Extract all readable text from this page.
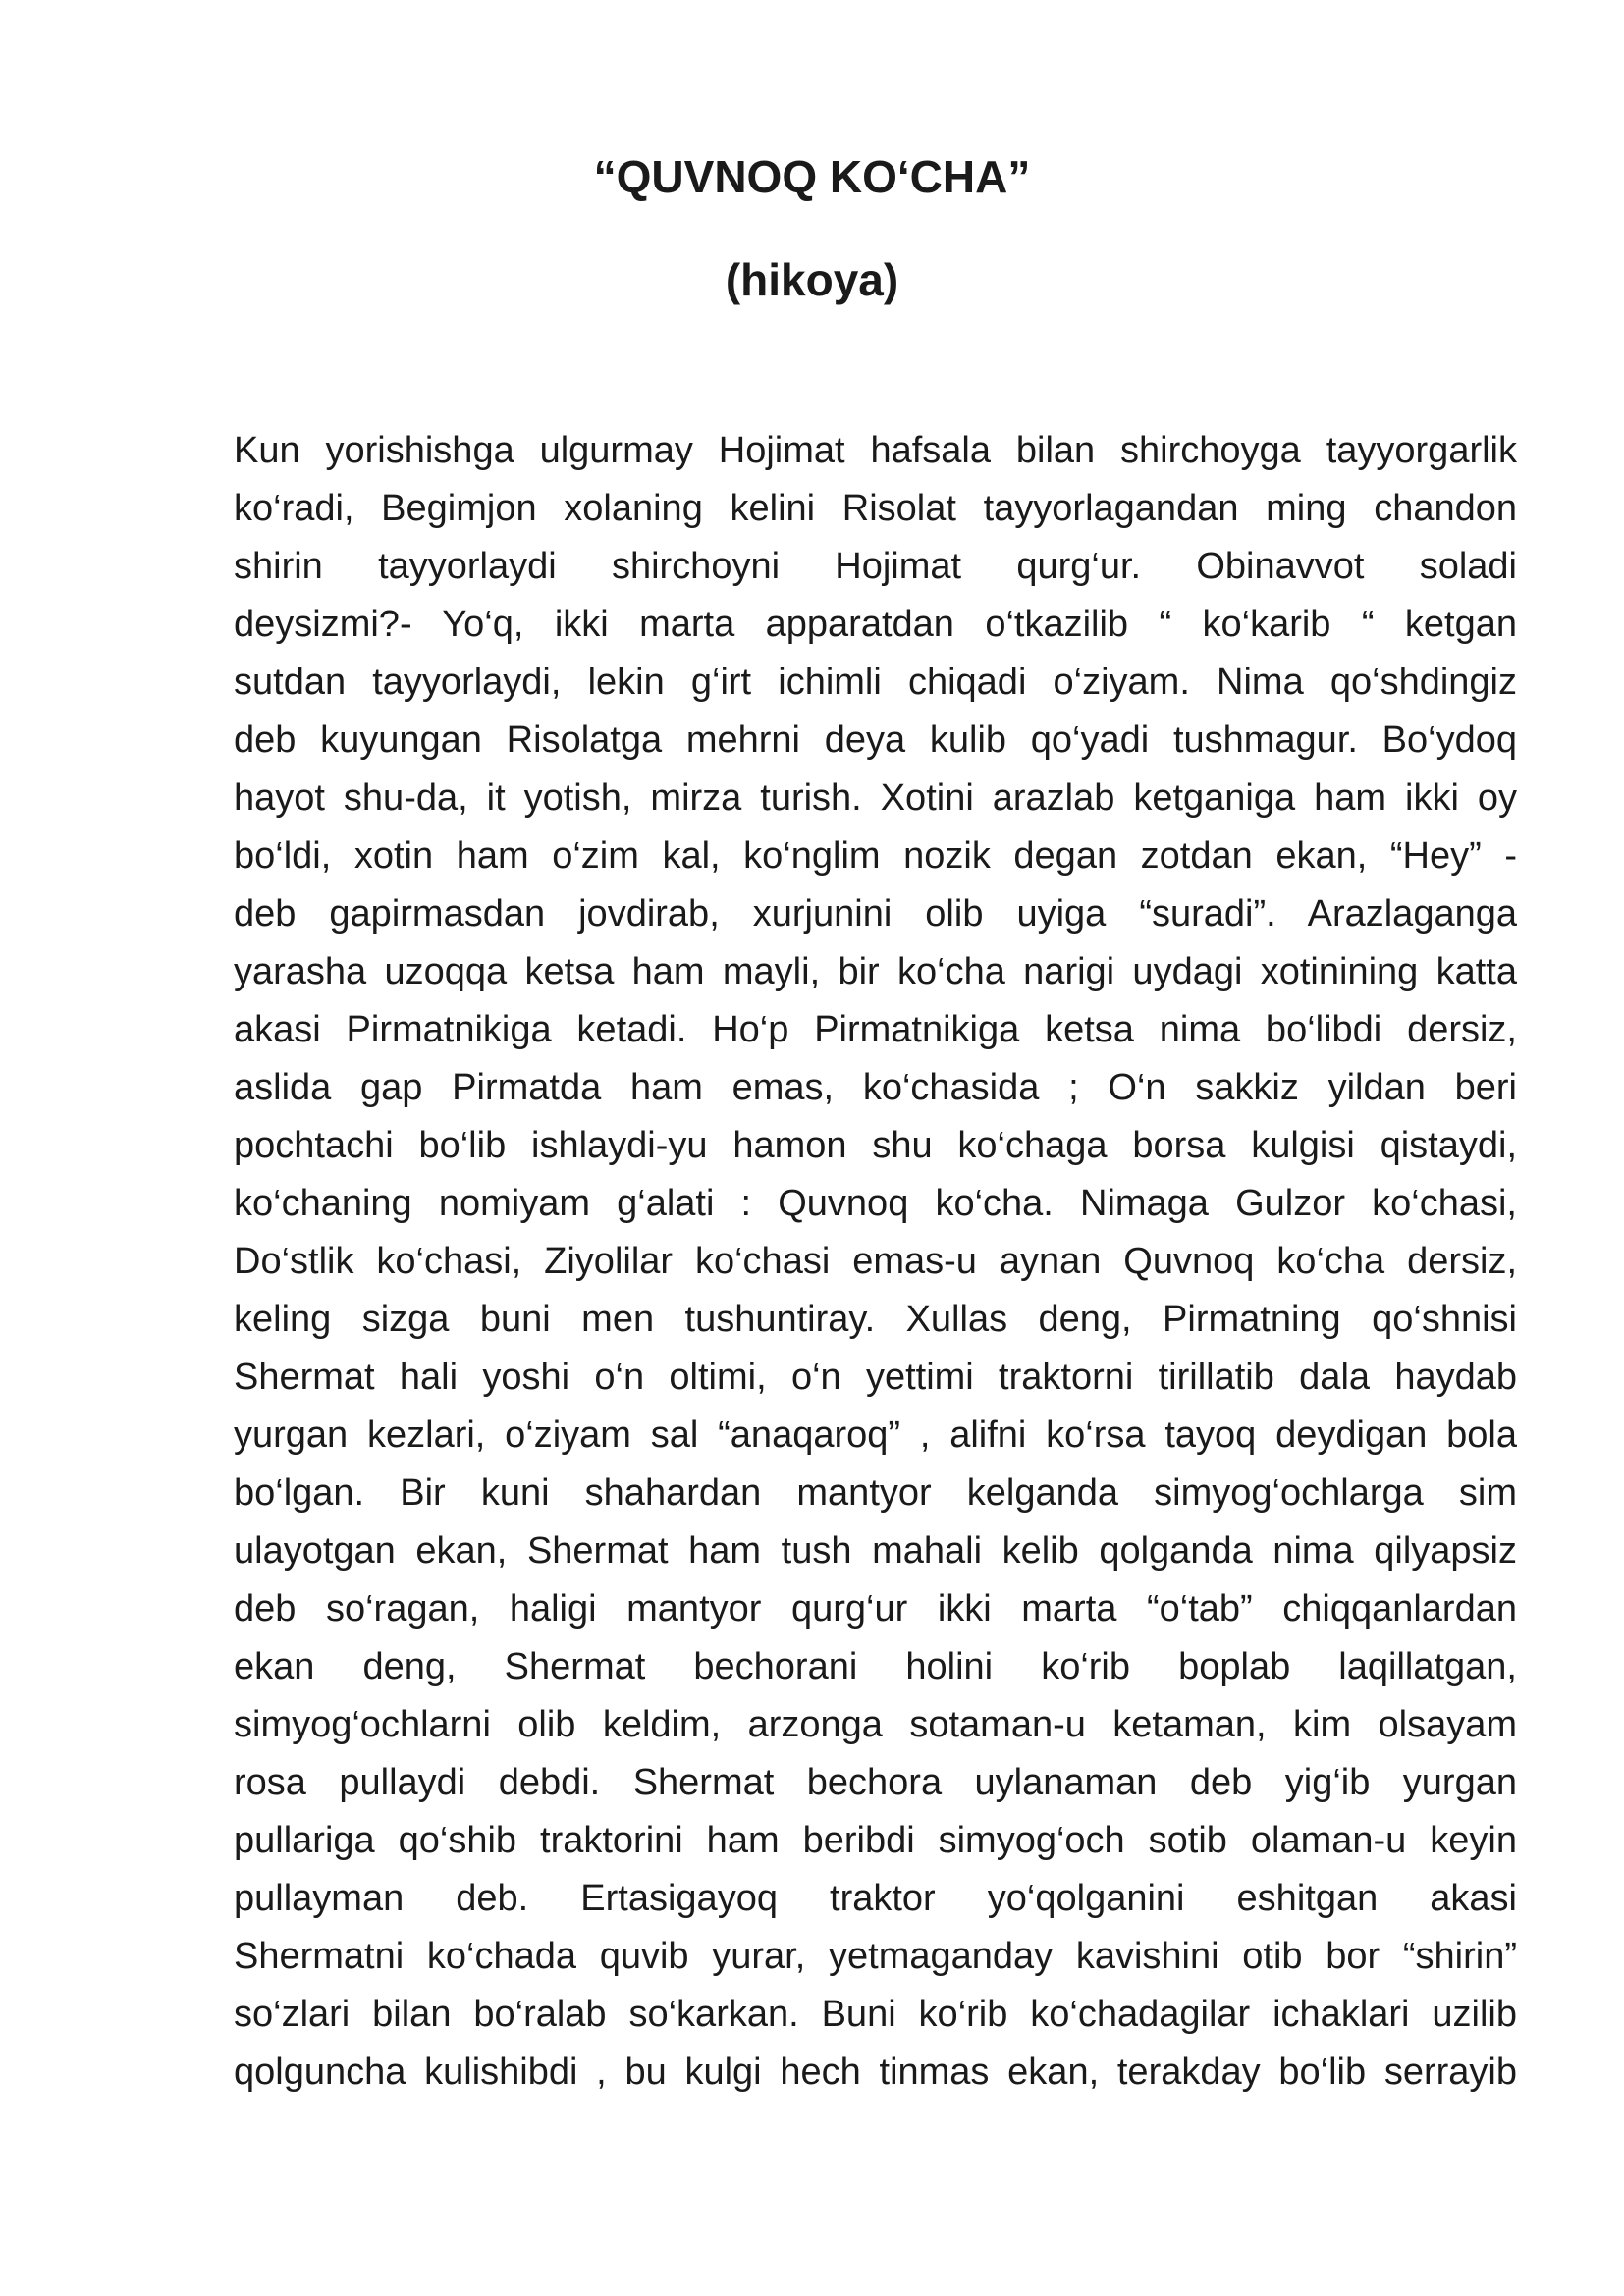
“QUVNOQ KO‘CHA”
(hikoya)
Kun yorishishga ulgurmay Hojimat hafsala bilan shirchoyga tayyorgarlik
ko‘radi, Begimjon xolaning kelini Risolat tayyorlagandan ming chandon
shirin tayyorlaydi shirchoyni Hojimat qurg‘ur. Obinavvot soladi
deysizmi?- Yo‘q, ikki marta apparatdan o‘tkazilib “ ko‘karib “ ketgan
sutdan tayyorlaydi, lekin g‘irt ichimli chiqadi o‘ziyam. Nima qo‘shdingiz
deb kuyungan Risolatga mehrni deya kulib qo‘yadi tushmagur. Bo‘ydoq
hayot shu-da, it yotish, mirza turish. Xotini arazlab ketganiga ham ikki oy
bo‘ldi, xotin ham o‘zim kal, ko‘nglim nozik degan zotdan ekan, “Hey” -
deb gapirmasdan jovdirab, xurjunini olib uyiga “suradi”. Arazlaganga
yarasha uzoqqa ketsa ham mayli, bir ko‘cha narigi uydagi xotinining katta
akasi Pirmatnikiga ketadi. Ho‘p Pirmatnikiga ketsa nima bo‘libdi dersiz,
aslida gap Pirmatda ham emas, ko‘chasida ; O‘n sakkiz yildan beri
pochtachi bo‘lib ishlaydi-yu hamon shu ko‘chaga borsa kulgisi qistaydi,
ko‘chaning nomiyam g‘alati : Quvnoq ko‘cha. Nimaga Gulzor ko‘chasi,
Do‘stlik ko‘chasi, Ziyolilar ko‘chasi emas-u aynan Quvnoq ko‘cha dersiz,
keling sizga buni men tushuntiray. Xullas deng, Pirmatning qo‘shnisi
Shermat hali yoshi o‘n oltimi, o‘n yettimi traktorni tirillatib dala haydab
yurgan kezlari, o‘ziyam sal “anaqaroq” , alifni ko‘rsa tayoq deydigan bola
bo‘lgan. Bir kuni shahardan mantyor kelganda simyog‘ochlarga sim
ulayotgan ekan, Shermat ham tush mahali kelib qolganda nima qilyapsiz
deb so‘ragan, haligi mantyor qurg‘ur ikki marta “o‘tab” chiqqanlardan
ekan deng, Shermat bechorani holini ko‘rib boplab laqillatgan,
simyog‘ochlarni olib keldim, arzonga sotaman-u ketaman, kim olsayam
rosa pullaydi debdi. Shermat bechora uylanaman deb yig‘ib yurgan
pullariga qo‘shib traktorini ham beribdi simyog‘och sotib olaman-u keyin
pullayman deb. Ertasigayoq traktor yo‘qolganini eshitgan akasi
Shermatni ko‘chada quvib yurar, yetmaganday kavishini otib bor “shirin”
so‘zlari bilan bo‘ralab so‘karkan. Buni ko‘rib ko‘chadagilar ichaklari uzilib
qolguncha kulishibdi , bu kulgi hech tinmas ekan, terakday bo‘lib serrayib
